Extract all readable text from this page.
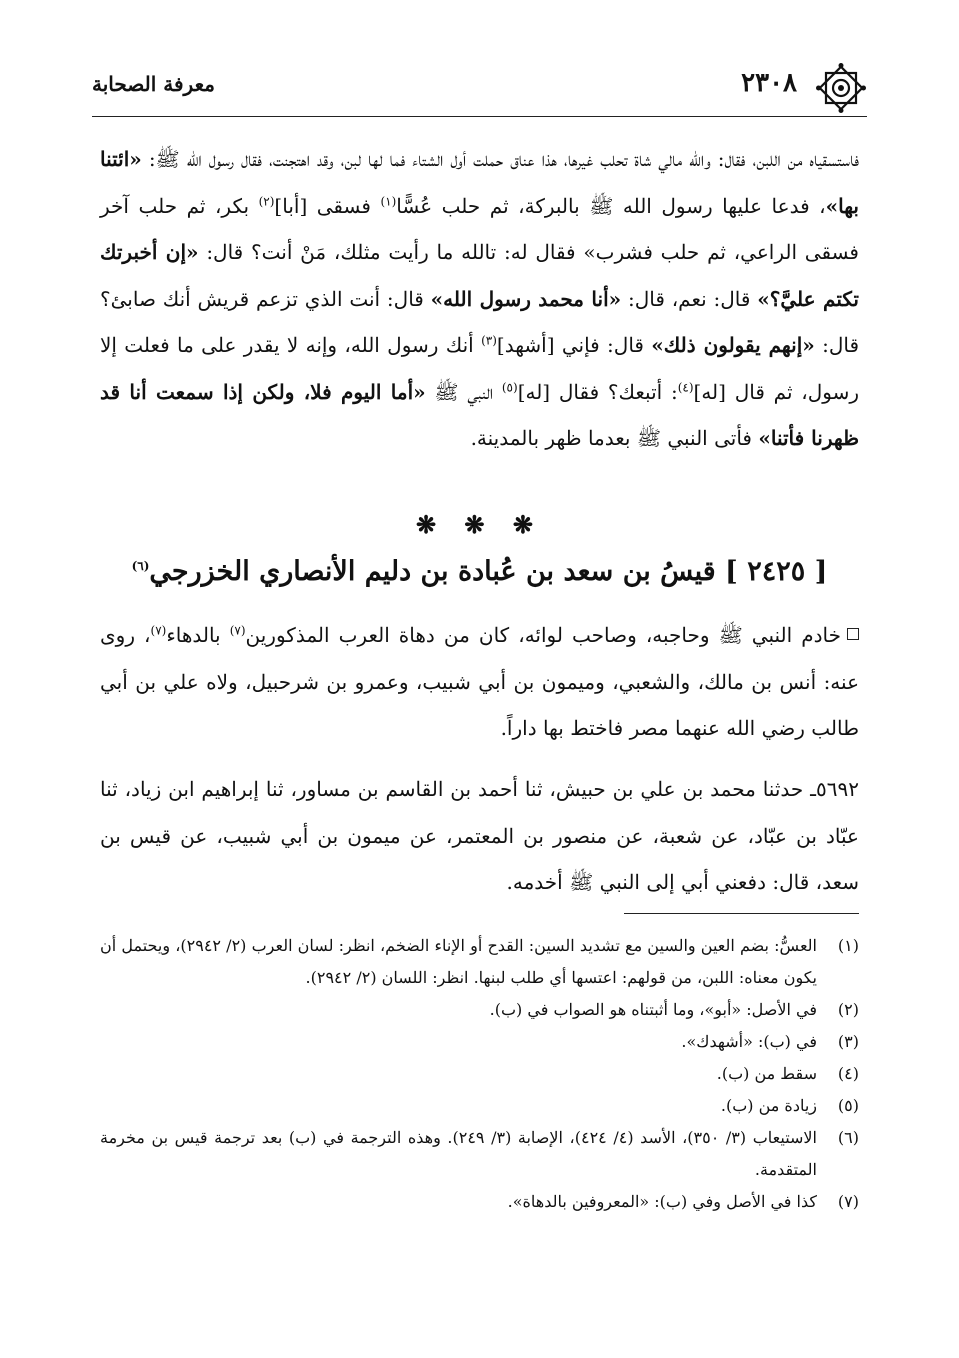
٢٣٠٨
معرفة الصحابة
فاستسقياه من اللبن، فقال: والله مالي شاة تحلب غيرها، هذا عناق حملت أول الشتاء فما لها لبن، وقد اهتجنت، فقال رسول الله ﷺ: «ائتنا بها»، فدعا عليها رسول الله ﷺ بالبركة، ثم حلب عُسًّا$^{(١)}$ فسقى [أبا]$^{(٢)}$ بكر، ثم حلب آخر فسقى الراعي، ثم حلب فشرب» فقال له: تالله ما رأيت مثلك، مَنْ أنت؟ قال: «إن أخبرتك تكتم عليَّ؟» قال: نعم، قال: «أنا محمد رسول الله» قال: أنت الذي تزعم قريش أنك صابئ؟ قال: «إنهم يقولون ذلك» قال: فإني [أشهد]$^{(٣)}$ أنك رسول الله، وإنه لا يقدر على ما فعلت إلا رسول، ثم قال [له]$^{(٤)}$: أتبعك؟ فقال [له]$^{(٥)}$ النبي ﷺ «أما اليوم فلا، ولكن إذا سمعت أنا قد ظهرنا فأتنا» فأتى النبي ﷺ بعدما ظهر بالمدينة.
❋ ❋ ❋
[ ٢٤٢٥ ] قيسُ بن سعد بن عُبادة بن دليم الأنصاري الخزرجي$^{(٦)}$
خادم النبي ﷺ وحاجبه، وصاحب لوائه، كان من دهاة العرب المذكورين$^{(٧)}$ بالدهاء$^{(٧)}$، روى عنه: أنس بن مالك، والشعبي، وميمون بن أبي شبيب، وعمرو بن شرحبيل، ولاه علي بن أبي طالب رضي الله عنهما مصر فاختط بها داراً.
٥٦٩٢ـ حدثنا محمد بن علي بن حبيش، ثنا أحمد بن القاسم بن مساور، ثنا إبراهيم ابن زياد، ثنا عبّاد بن عبّاد، عن شعبة، عن منصور بن المعتمر، عن ميمون بن أبي شبيب، عن قيس بن سعد، قال: دفعني أبي إلى النبي ﷺ أخدمه.
(١)
العسُّ: بضم العين والسين مع تشديد السين: القدح أو الإناء الضخم، انظر: لسان العرب (٢/ ٢٩٤٢)، ويحتمل أن يكون معناه: اللبن، من قولهم: اعتسها أي طلب لبنها. انظر: اللسان (٢/ ٢٩٤٢).
(٢)
في الأصل: «أبو»، وما أثبتناه هو الصواب في (ب).
(٣)
في (ب): «أشهدك».
(٤)
سقط من (ب).
(٥)
زيادة من (ب).
(٦)
الاستيعاب (٣/ ٣٥٠)، الأسد (٤/ ٤٢٤)، الإصابة (٣/ ٢٤٩). وهذه الترجمة في (ب) بعد ترجمة قيس بن مخرمة المتقدمة.
(٧)
كذا في الأصل وفي (ب): «المعروفين بالدهاة».
